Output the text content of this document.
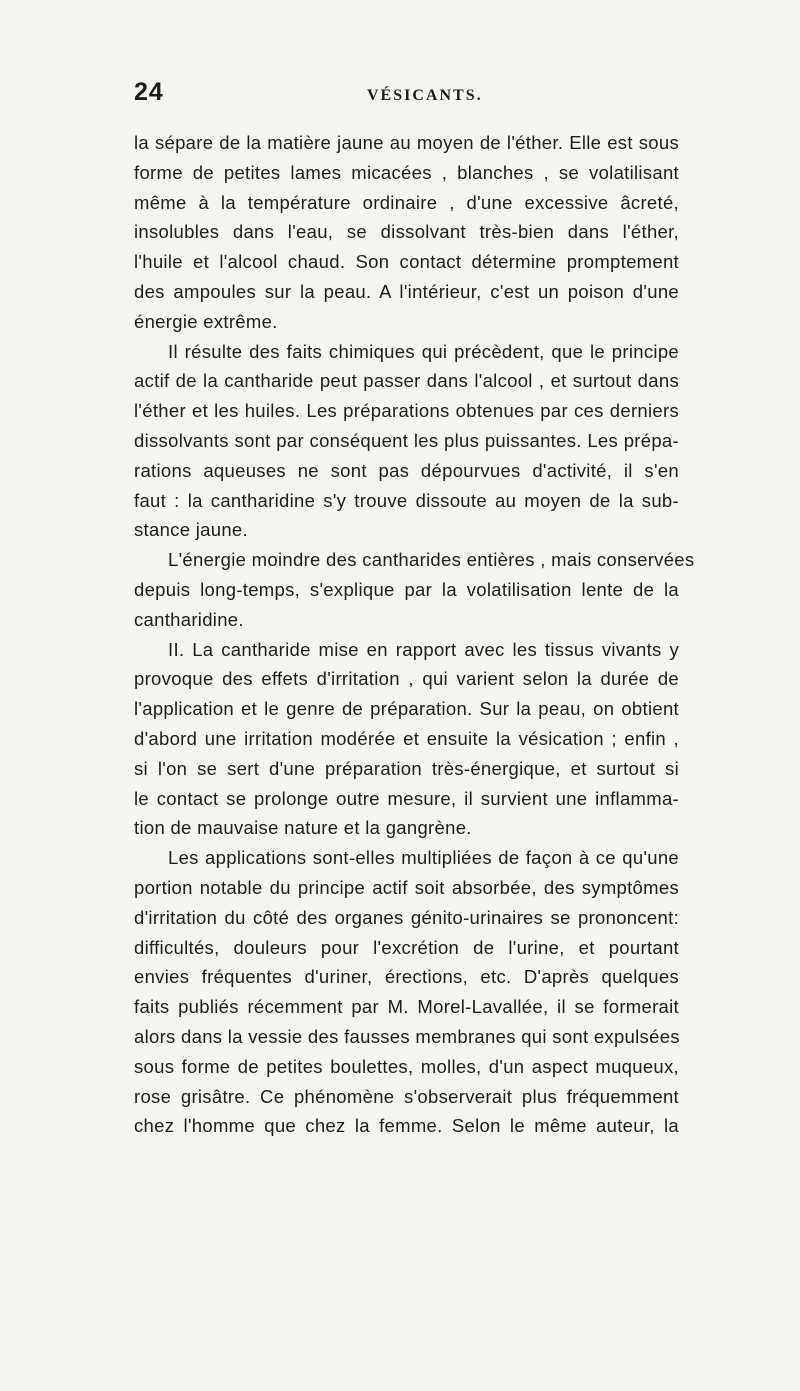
24	VÉSICANTS.
la sépare de la matière jaune au moyen de l'éther. Elle est sous
forme de petites lames micacées , blanches , se volatilisant
même à la température ordinaire , d'une excessive âcreté,
insolubles dans l'eau, se dissolvant très-bien dans l'éther,
l'huile et l'alcool chaud. Son contact détermine promptement
des ampoules sur la peau. A l'intérieur, c'est un poison d'une
énergie extrême.
Il résulte des faits chimiques qui précèdent, que le principe
actif de la cantharide peut passer dans l'alcool , et surtout dans
l'éther et les huiles. Les préparations obtenues par ces derniers
dissolvants sont par conséquent les plus puissantes. Les prépa-
rations aqueuses ne sont pas dépourvues d'activité, il s'en
faut : la cantharidine s'y trouve dissoute au moyen de la sub-
stance jaune.
L'énergie moindre des cantharides entières , mais conservées
depuis long-temps, s'explique par la volatilisation lente de la
cantharidine.
II. La cantharide mise en rapport avec les tissus vivants y
provoque des effets d'irritation , qui varient selon la durée de
l'application et le genre de préparation. Sur la peau, on obtient
d'abord une irritation modérée et ensuite la vésication ; enfin ,
si l'on se sert d'une préparation très-énergique, et surtout si
le contact se prolonge outre mesure, il survient une inflamma-
tion de mauvaise nature et la gangrène.
Les applications sont-elles multipliées de façon à ce qu'une
portion notable du principe actif soit absorbée, des symptômes
d'irritation du côté des organes génito-urinaires se prononcent:
difficultés, douleurs pour l'excrétion de l'urine, et pourtant
envies fréquentes d'uriner, érections, etc. D'après quelques
faits publiés récemment par M. Morel-Lavallée, il se formerait
alors dans la vessie des fausses membranes qui sont expulsées
sous forme de petites boulettes, molles, d'un aspect muqueux,
rose grisâtre. Ce phénomène s'observerait plus fréquemment
chez l'homme que chez la femme. Selon le même auteur, la
